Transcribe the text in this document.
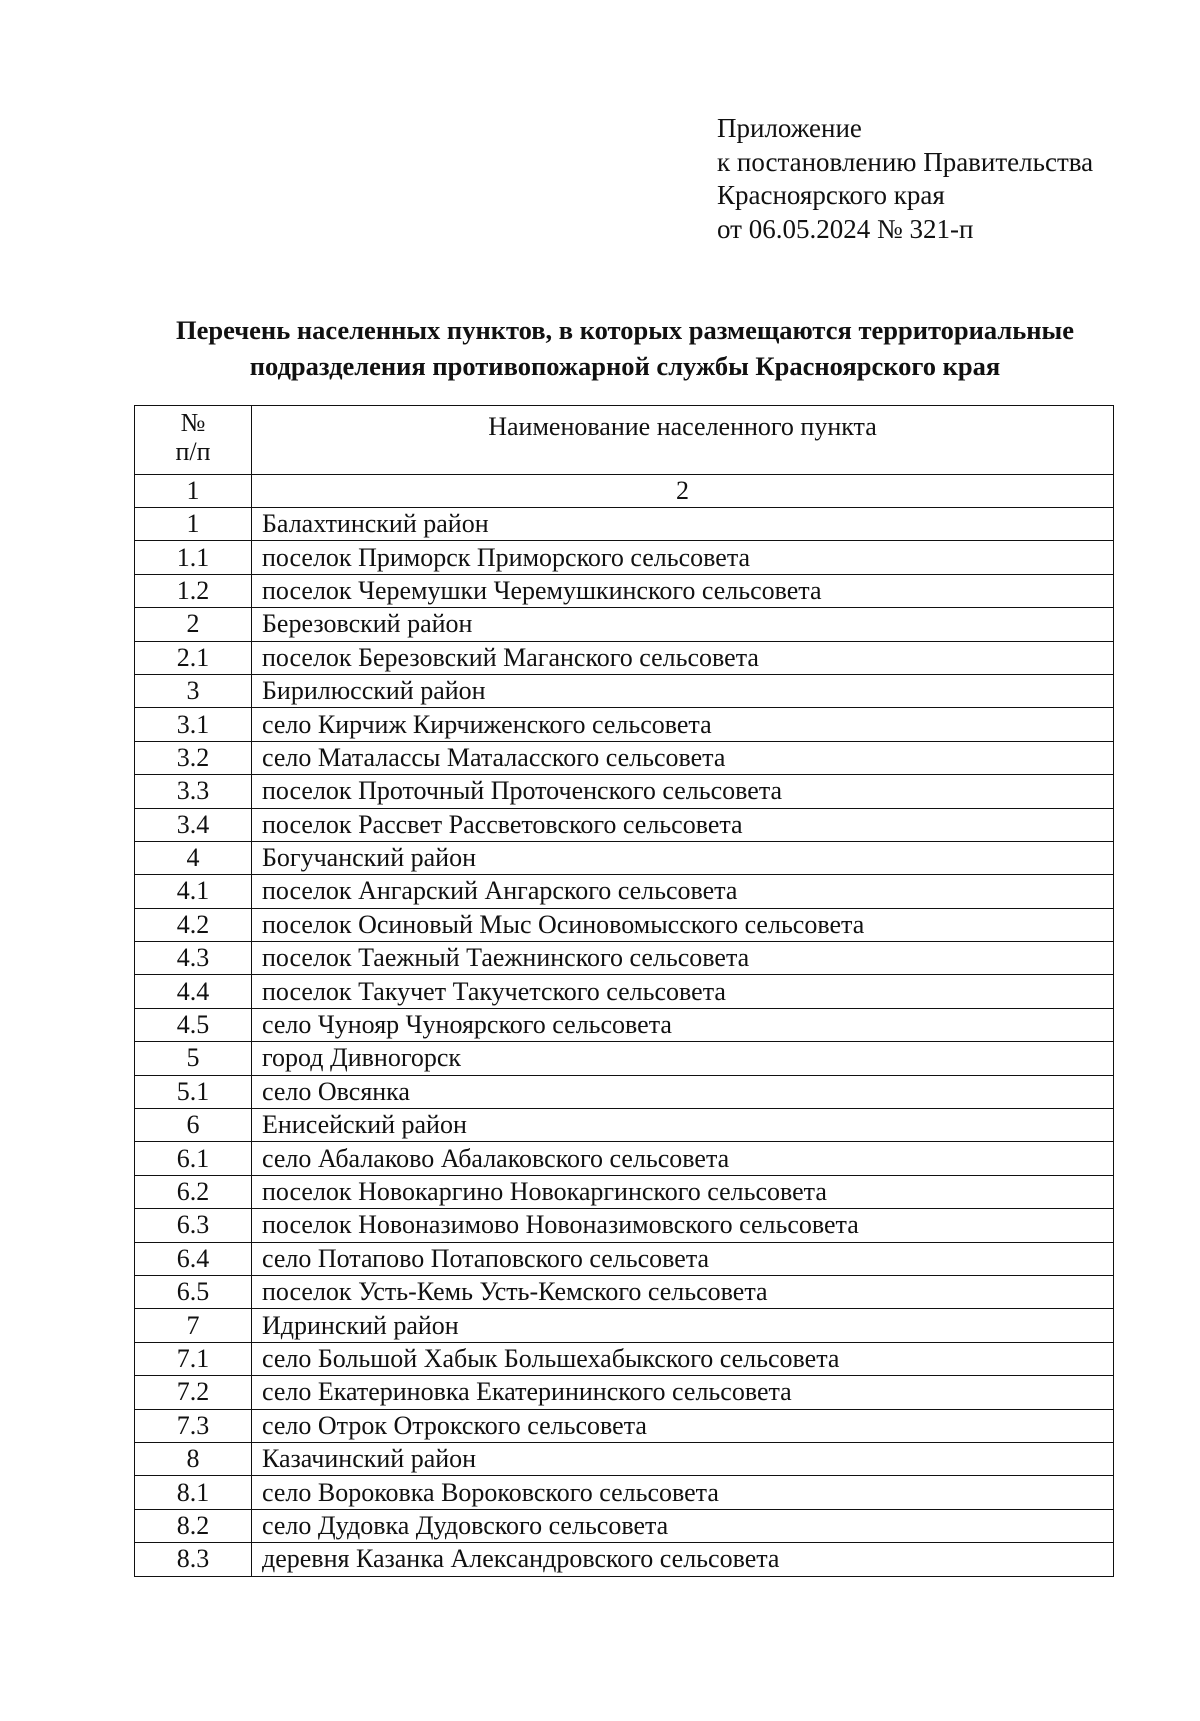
Приложение
к постановлению Правительства
Красноярского края
от 06.05.2024 № 321-п
Перечень населенных пунктов, в которых размещаются территориальные
подразделения противопожарной службы Красноярского края
№
п/п	Наименование населенного пункта
1	2
1	Балахтинский район
1.1	поселок Приморск Приморского сельсовета
1.2	поселок Черемушки Черемушкинского сельсовета
2	Березовский район
2.1	поселок Березовский Маганского сельсовета
3	Бирилюсский район
3.1	село Кирчиж Кирчиженского сельсовета
3.2	село Маталассы Маталасского сельсовета
3.3	поселок Проточный Проточенского сельсовета
3.4	поселок Рассвет Рассветовского сельсовета
4	Богучанский район
4.1	поселок Ангарский Ангарского сельсовета
4.2	поселок Осиновый Мыс Осиновомысского сельсовета
4.3	поселок Таежный Таежнинского сельсовета
4.4	поселок Такучет Такучетского сельсовета
4.5	село Чунояр Чуноярского сельсовета
5	город Дивногорск
5.1	село Овсянка
6	Енисейский район
6.1	село Абалаково Абалаковского сельсовета
6.2	поселок Новокаргино Новокаргинского сельсовета
6.3	поселок Новоназимово Новоназимовского сельсовета
6.4	село Потапово Потаповского сельсовета
6.5	поселок Усть-Кемь Усть-Кемского сельсовета
7	Идринский район
7.1	село Большой Хабык Большехабыкского сельсовета
7.2	село Екатериновка Екатерининского сельсовета
7.3	село Отрок Отрокского сельсовета
8	Казачинский район
8.1	село Вороковка Вороковского сельсовета
8.2	село Дудовка Дудовского сельсовета
8.3	деревня Казанка Александровского сельсовета
